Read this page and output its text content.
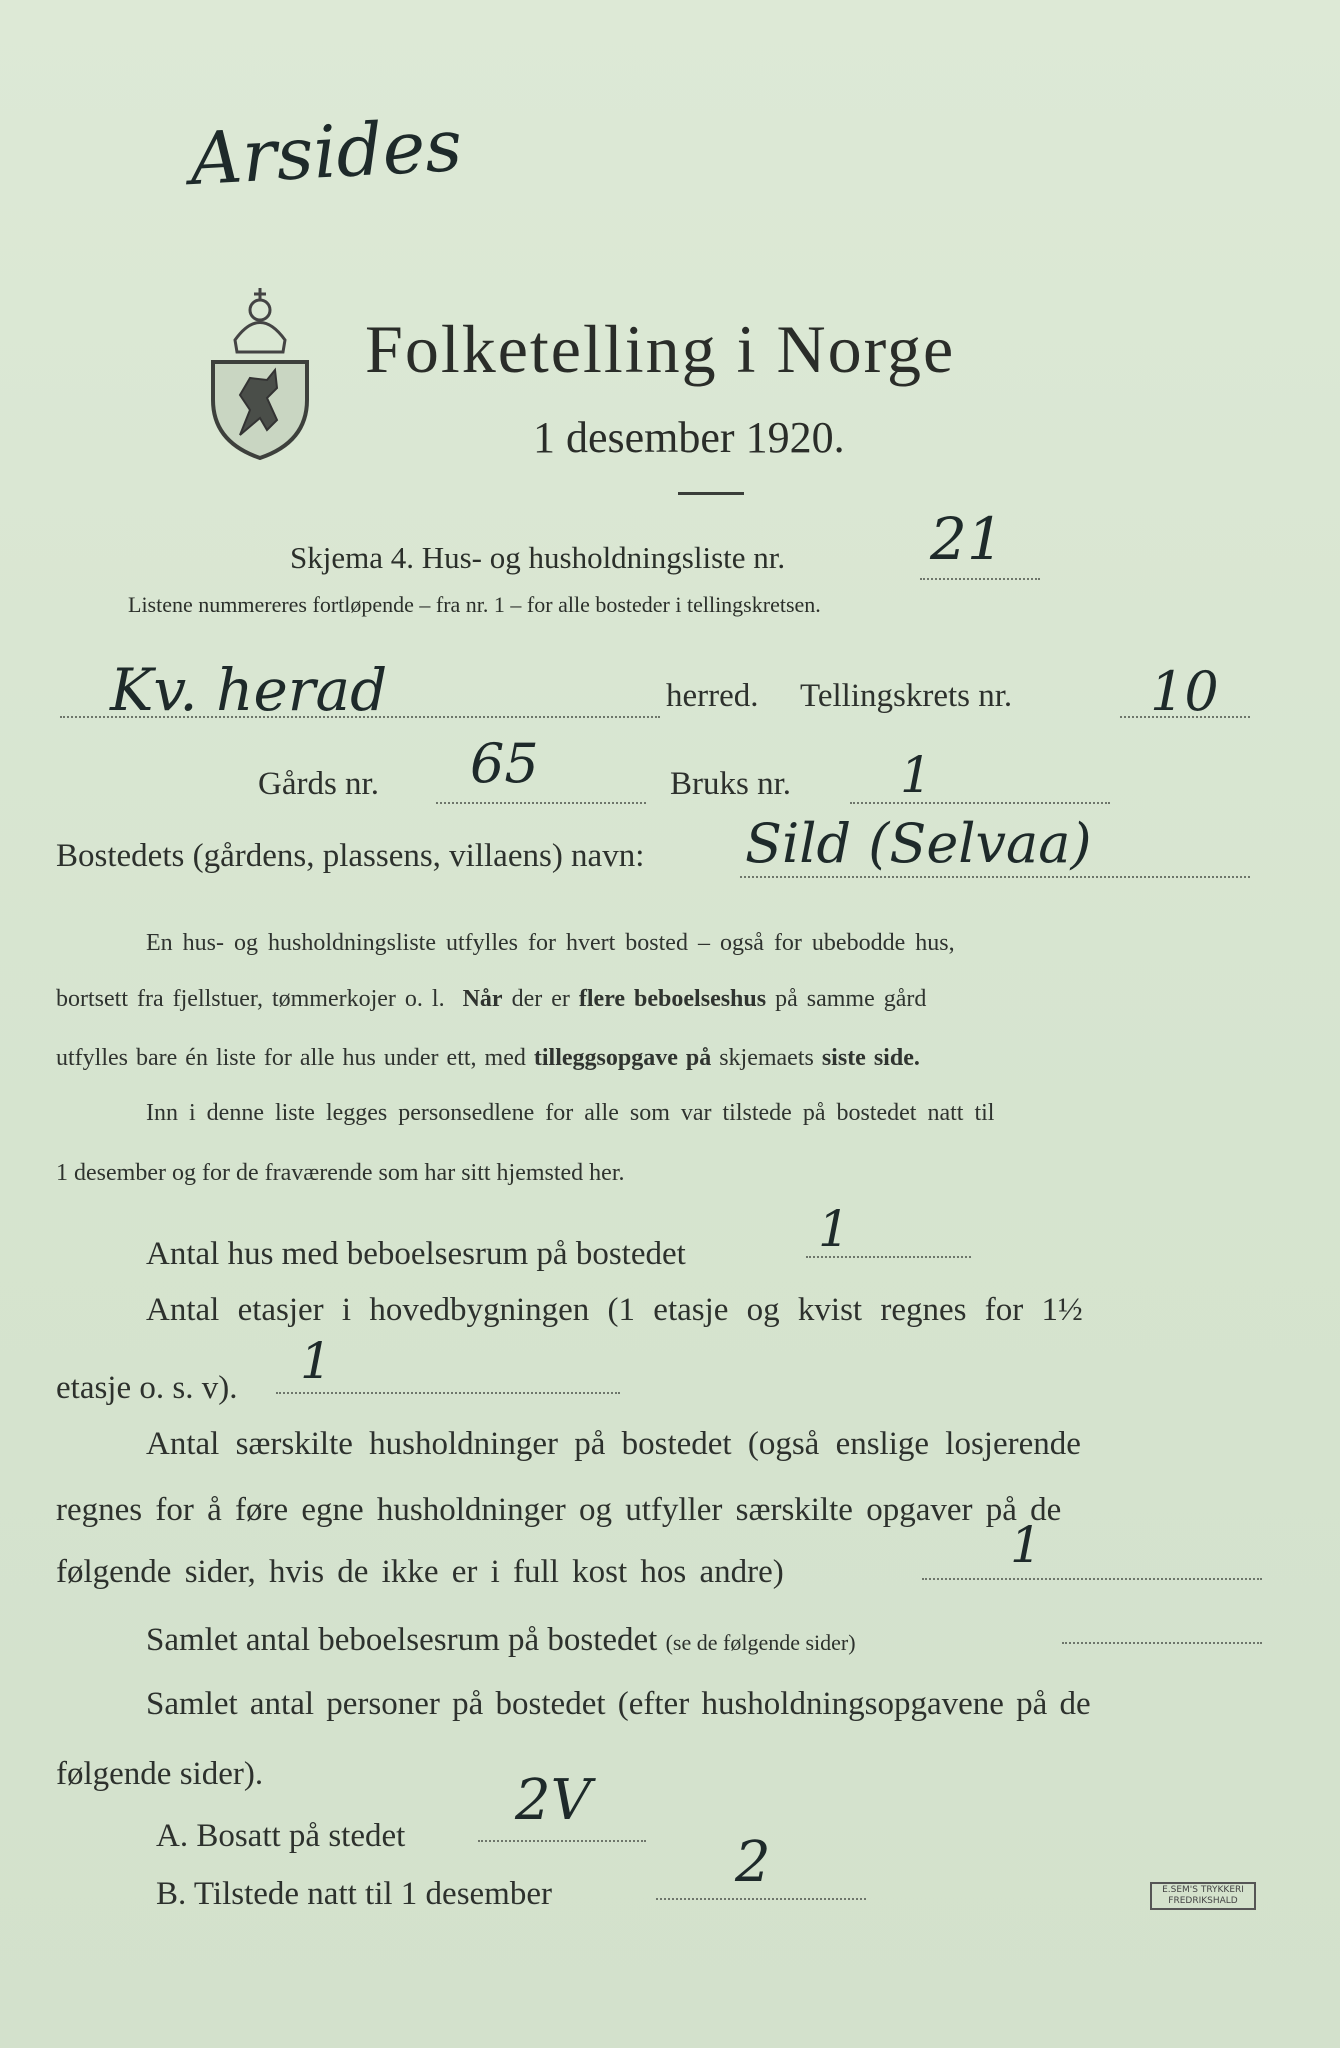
Arsides
Folketelling i Norge
1 desember 1920.
Skjema 4. Hus- og husholdningsliste nr. 21
Listene nummereres fortløpende – fra nr. 1 – for alle bosteder i tellingskretsen.
Kv. herad	herred. Tellingskrets nr.	10
Gårds nr. 65	Bruks nr. 1
Bostedets (gårdens, plassens, villaens) navn: Sild (Selvaa)
En hus- og husholdningsliste utfylles for hvert bosted – også for ubebodde hus,
bortsett fra fjellstuer, tømmerkojer o. l. Når der er flere beboelseshus på samme gård
utfylles bare én liste for alle hus under ett, med tilleggsopgave på skjemaets siste side.
Inn i denne liste legges personsedlene for alle som var tilstede på bostedet natt til
1 desember og for de fraværende som har sitt hjemsted her.
Antal hus med beboelsesrum på bostedet	1
Antal etasjer i hovedbygningen (1 etasje og kvist regnes for 1½
etasje o. s. v). 1
Antal særskilte husholdninger på bostedet (også enslige losjerende
regnes for å føre egne husholdninger og utfyller særskilte opgaver på de
følgende sider, hvis de ikke er i full kost hos andre)	1
Samlet antal beboelsesrum på bostedet (se de følgende sider)
Samlet antal personer på bostedet (efter husholdningsopgavene på de
følgende sider).
A. Bosatt på stedet
2V
B. Tilstede natt til 1 desember	2	E.SEM'S TRYKKERI FREDRIKSHALD
